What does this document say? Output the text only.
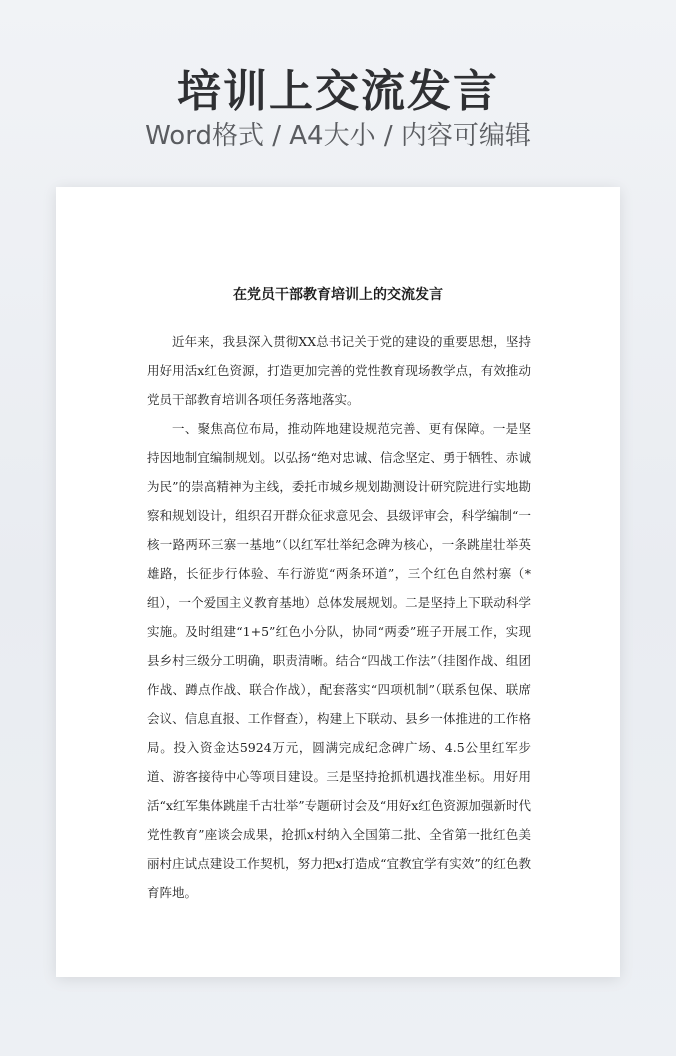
培训上交流发言
Word格式 / A4大小 / 内容可编辑
在党员干部教育培训上的交流发言

近年来，我县深入贯彻XX总书记关于党的建设的重要思想，坚持用好用活x红色资源，打造更加完善的党性教育现场教学点，有效推动党员干部教育培训各项任务落地落实。

一、聚焦高位布局，推动阵地建设规范完善、更有保障。一是坚持因地制宜编制规划。以弘扬“绝对忠诚、信念坚定、勇于牺牲、赤诚为民”的崇高精神为主线，委托市城乡规划勘测设计研究院进行实地勘察和规划设计，组织召开群众征求意见会、县级评审会，科学编制“一核一路两环三寨一基地”（以红军壮举纪念碑为核心，一条跳崖壮举英雄路，长征步行体验、车行游览“两条环道”，三个红色自然村寨（*组），一个爱国主义教育基地）总体发展规划。二是坚持上下联动科学实施。及时组建“1+5”红色小分队，协同“两委”班子开展工作，实现县乡村三级分工明确，职责清晰。结合“四战工作法”（挂图作战、组团作战、蹲点作战、联合作战），配套落实“四项机制”（联系包保、联席会议、信息直报、工作督查），构建上下联动、县乡一体推进的工作格局。投入资金达5924万元，圆满完成纪念碑广场、4.5公里红军步道、游客接待中心等项目建设。三是坚持抢抓机遇找准坐标。用好用活“x红军集体跳崖千古壮举”专题研讨会及“用好x红色资源加强新时代党性教育”座谈会成果，抢抓x村纳入全国第二批、全省第一批红色美丽村庄试点建设工作契机，努力把x打造成“宜教宜学有实效”的红色教育阵地。
